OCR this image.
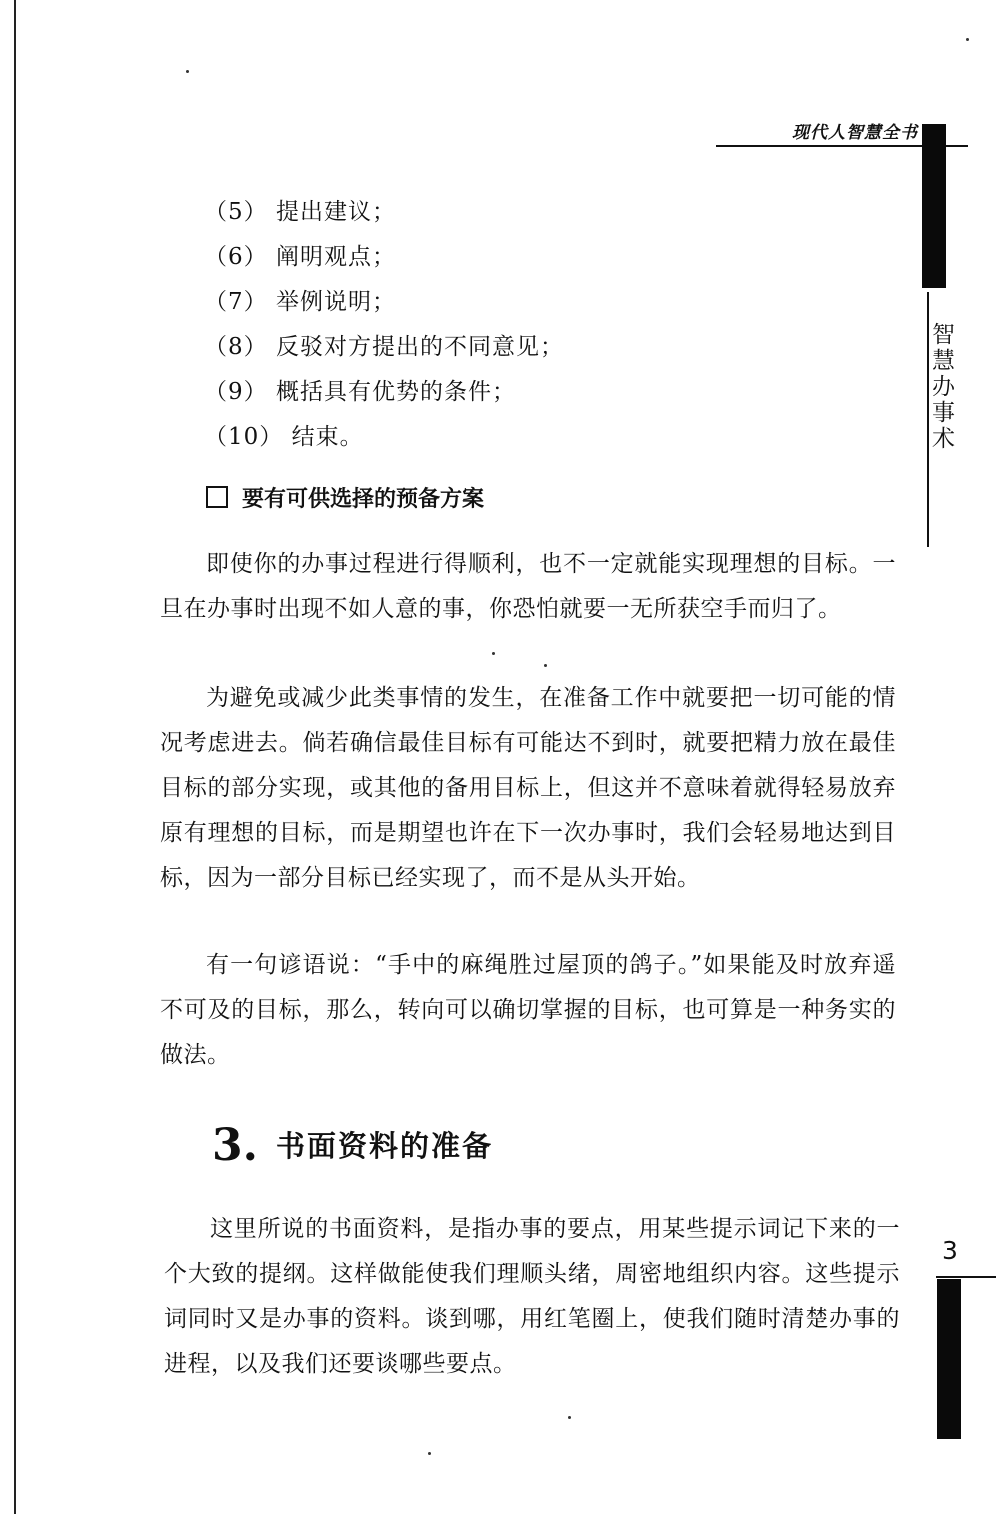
现代人智慧全书
智慧办事术
（5） 提出建议；
（6） 阐明观点；
（7） 举例说明；
（8） 反驳对方提出的不同意见；
（9） 概括具有优势的条件；
（10） 结束。
要有可供选择的预备方案

即使你的办事过程进行得顺利，也不一定就能实现理想的目标。一旦在办事时出现不如人意的事，你恐怕就要一无所获空手而归了。

为避免或减少此类事情的发生，在准备工作中就要把一切可能的情况考虑进去。倘若确信最佳目标有可能达不到时，就要把精力放在最佳目标的部分实现，或其他的备用目标上，但这并不意味着就得轻易放弃原有理想的目标，而是期望也许在下一次办事时，我们会轻易地达到目标，因为一部分目标已经实现了，而不是从头开始。

有一句谚语说：“手中的麻绳胜过屋顶的鸽子。”如果能及时放弃遥不可及的目标，那么，转向可以确切掌握的目标，也可算是一种务实的做法。

3. 书面资料的准备

这里所说的书面资料，是指办事的要点，用某些提示词记下来的一个大致的提纲。这样做能使我们理顺头绪，周密地组织内容。这些提示词同时又是办事的资料。谈到哪，用红笔圈上，使我们随时清楚办事的进程，以及我们还要谈哪些要点。

3
